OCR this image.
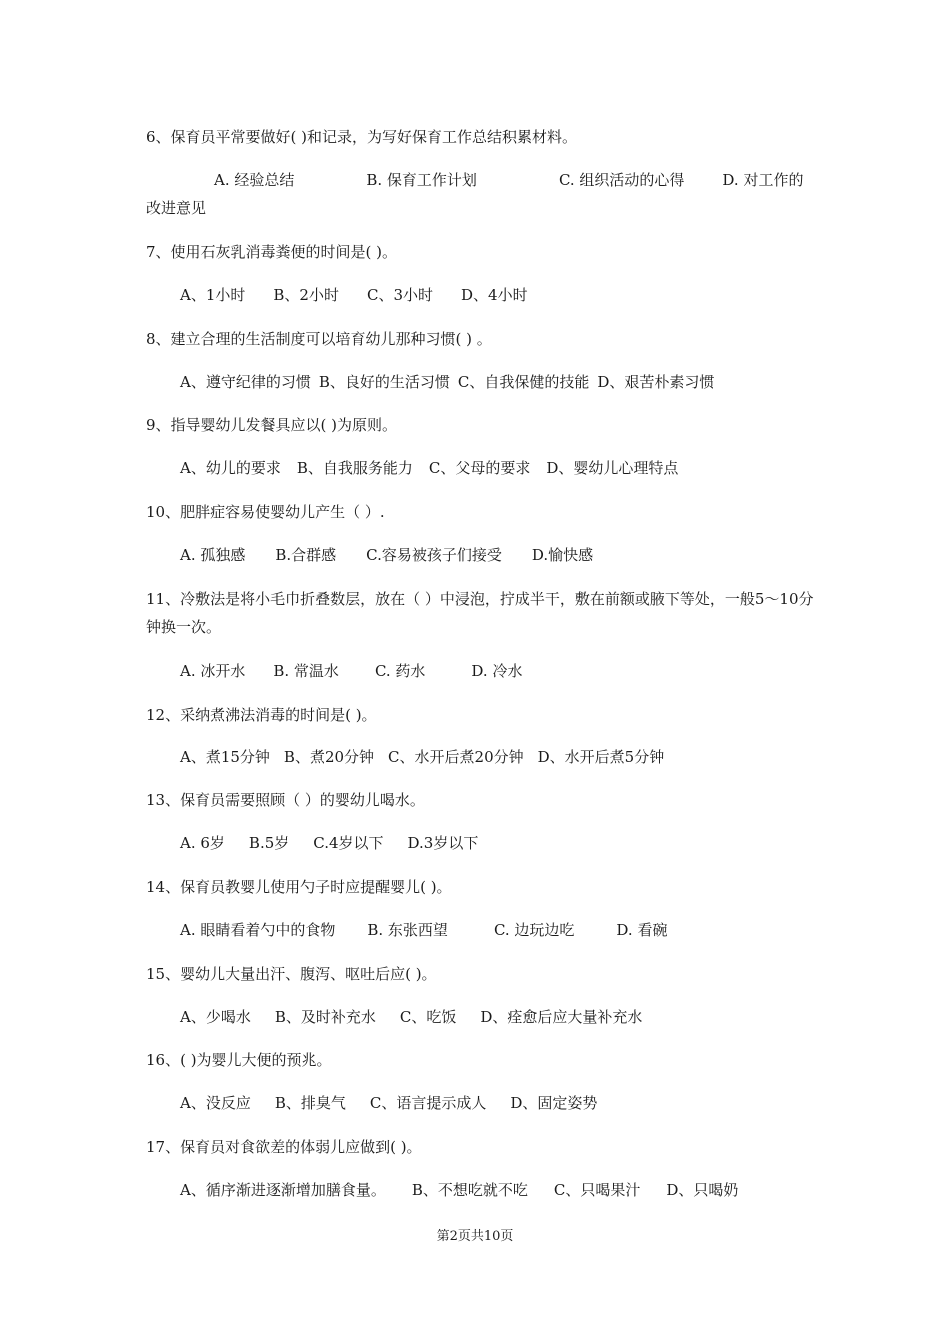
6、保育员平常要做好( )和记录，为写好保育工作总结积累材料。
A. 经验总结	B. 保育工作计划	C. 组织活动的心得	D. 对工作的改进意见
7、使用石灰乳消毒粪便的时间是( )。
A、1小时 B、2小时 C、3小时 D、4小时
8、建立合理的生活制度可以培育幼儿那种习惯( ) 。
A、遵守纪律的习惯 B、良好的生活习惯 C、自我保健的技能 D、艰苦朴素习惯
9、指导婴幼儿发餐具应以( )为原则。
A、幼儿的要求 B、自我服务能力 C、父母的要求 D、婴幼儿心理特点
10、肥胖症容易使婴幼儿产生（ ）.
A. 孤独感 B.合群感 C.容易被孩子们接受 D.愉快感
11、冷敷法是将小毛巾折叠数层，放在（ ）中浸泡，拧成半干，敷在前额或腋下等处，一般5～10分钟换一次。
A. 冰开水 B. 常温水 C. 药水	D. 冷水
12、采纳煮沸法消毒的时间是( )。
A、煮15分钟 B、煮20分钟 C、水开后煮20分钟 D、水开后煮5分钟
13、保育员需要照顾（ ）的婴幼儿喝水。
A. 6岁 B.5岁 C.4岁以下 D.3岁以下
14、保育员教婴儿使用勺子时应提醒婴儿( )。
A. 眼睛看着勺中的食物 B. 东张西望	C. 边玩边吃	D. 看碗
15、婴幼儿大量出汗、腹泻、呕吐后应( )。
A、少喝水 B、及时补充水 C、吃饭 D、痊愈后应大量补充水
16、( )为婴儿大便的预兆。
A、没反应 B、排臭气 C、语言提示成人 D、固定姿势
17、保育员对食欲差的体弱儿应做到( )。
A、循序渐进逐渐增加膳食量。 B、不想吃就不吃 C、只喝果汁 D、只喝奶
第2页共10页
